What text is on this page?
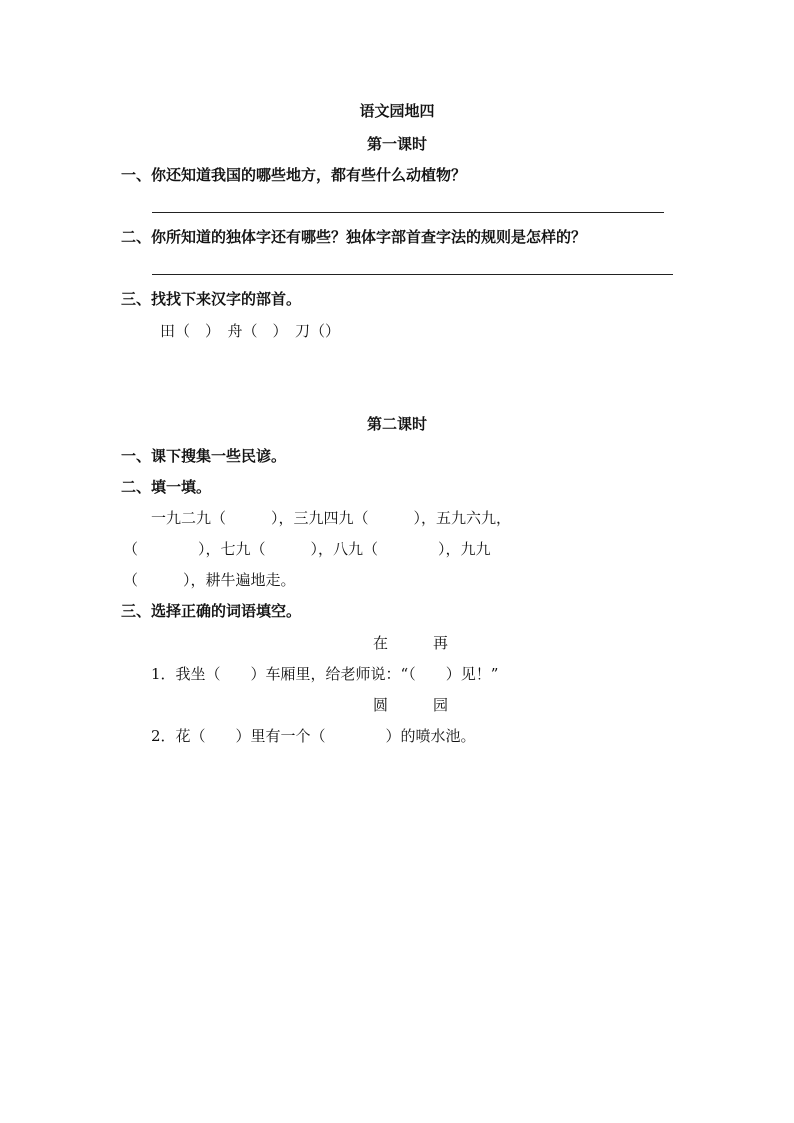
语文园地四
第一课时
一、你还知道我国的哪些地方，都有些什么动植物？
二、你所知道的独体字还有哪些？独体字部首查字法的规则是怎样的？
三、找找下来汉字的部首。
田（　）　舟（　）　刀（）
第二课时
一、课下搜集一些民谚。
二、填一填。
一九二九（　　　），三九四九（　　　），五九六九，
（　　　　），七九（　　　），八九（　　　　），九九
（　　　），耕牛遍地走。
三、选择正确的词语填空。
在　　　再
1．我坐（　　）车厢里，给老师说：“（　　）见！”
圆　　　园
2．花（　　）里有一个（　　　　）的喷水池。
